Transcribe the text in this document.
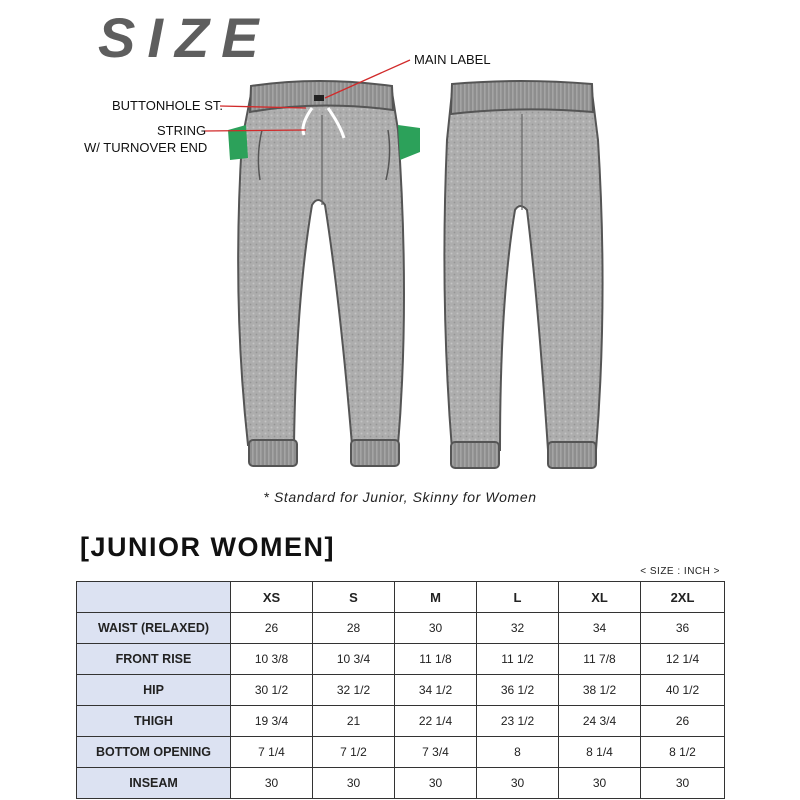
SIZE	MAIN LABEL
BUTTONHOLE ST.
STRING
W/ TURNOVER END
* Standard for Junior, Skinny for Women
[JUNIOR WOMEN]
< SIZE : INCH >
	XS	S	M	L	XL	2XL
WAIST (RELAXED)	26	28	30	32	34	36
FRONT RISE	10 3/8	10 3/4	11 1/8	11 1/2	11 7/8	12 1/4
HIP	30 1/2	32 1/2	34 1/2	36 1/2	38 1/2	40 1/2
THIGH	19 3/4	21	22 1/4	23 1/2	24 3/4	26
BOTTOM OPENING	7 1/4	7 1/2	7 3/4	8	8 1/4	8 1/2
INSEAM	30	30	30	30	30	30
